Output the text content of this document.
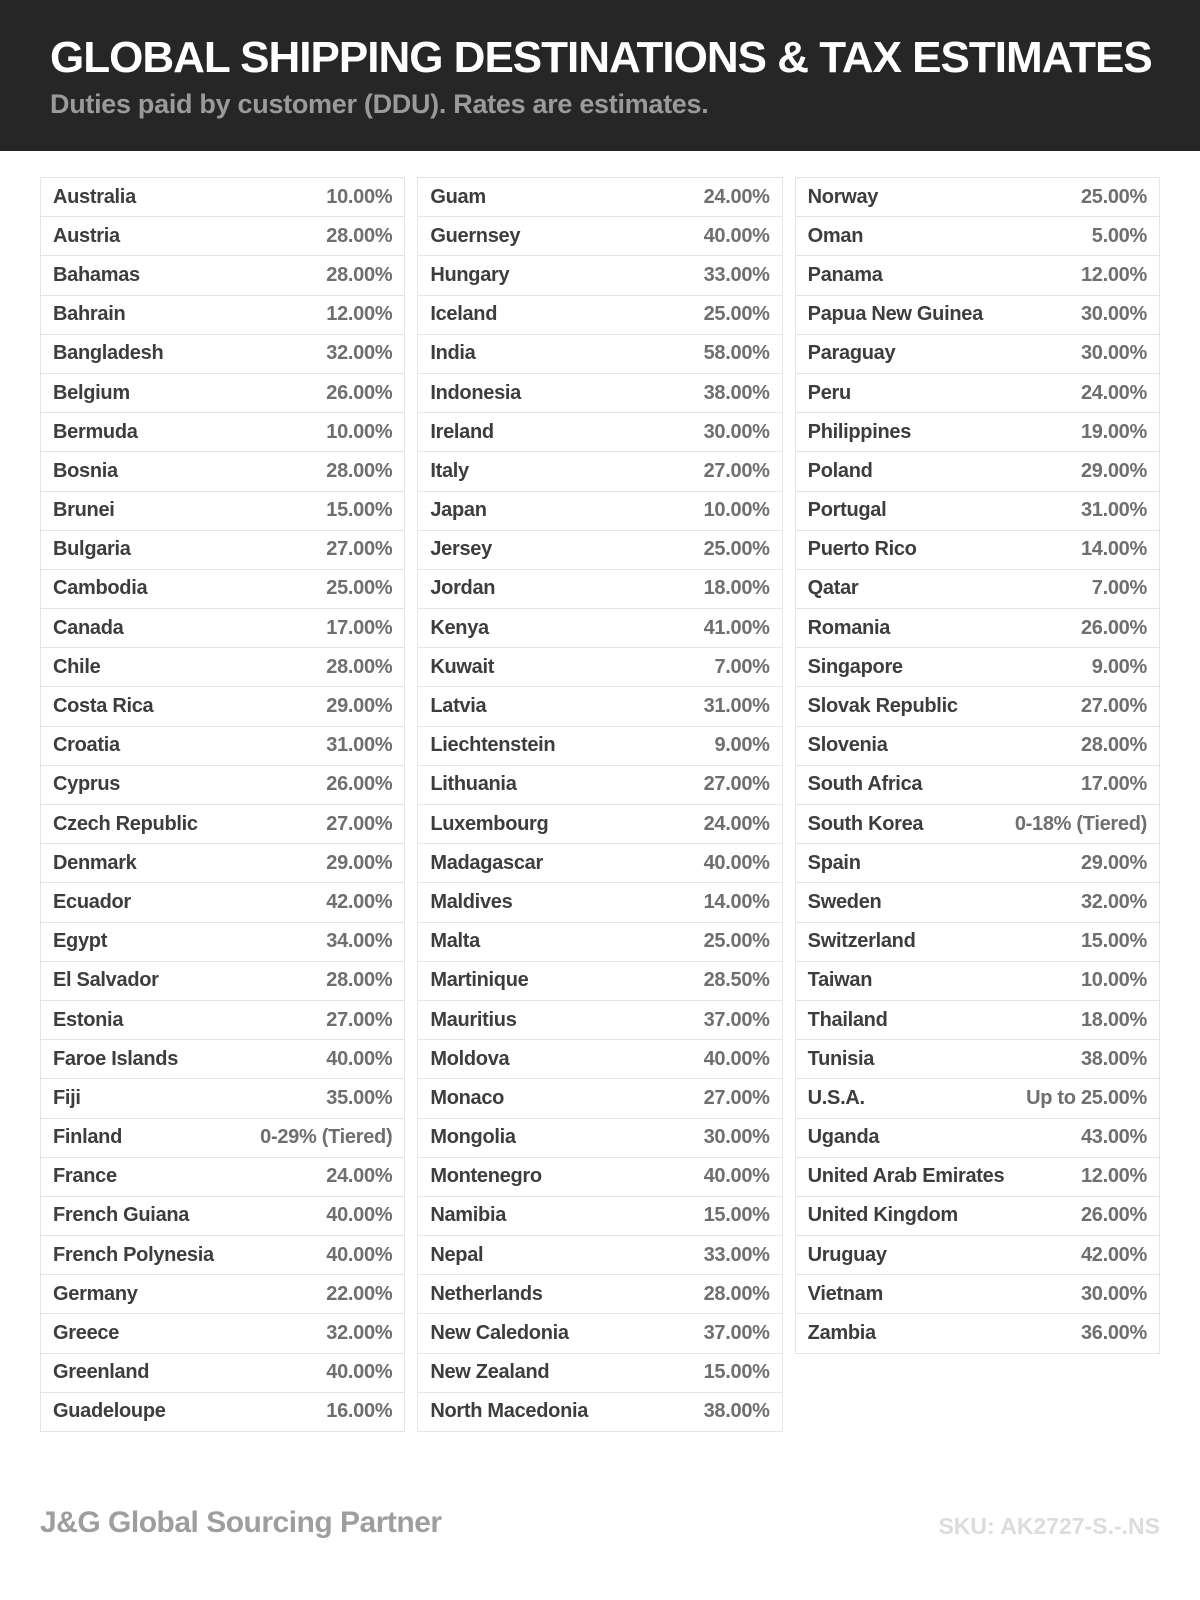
GLOBAL SHIPPING DESTINATIONS & TAX ESTIMATES
Duties paid by customer (DDU). Rates are estimates.
Australia	10.00%
Austria	28.00%
Bahamas	28.00%
Bahrain	12.00%
Bangladesh	32.00%
Belgium	26.00%
Bermuda	10.00%
Bosnia	28.00%
Brunei	15.00%
Bulgaria	27.00%
Cambodia	25.00%
Canada	17.00%
Chile	28.00%
Costa Rica	29.00%
Croatia	31.00%
Cyprus	26.00%
Czech Republic	27.00%
Denmark	29.00%
Ecuador	42.00%
Egypt	34.00%
El Salvador	28.00%
Estonia	27.00%
Faroe Islands	40.00%
Fiji	35.00%
Finland	0-29% (Tiered)
France	24.00%
French Guiana	40.00%
French Polynesia	40.00%
Germany	22.00%
Greece	32.00%
Greenland	40.00%
Guadeloupe	16.00%
Guam	24.00%
Guernsey	40.00%
Hungary	33.00%
Iceland	25.00%
India	58.00%
Indonesia	38.00%
Ireland	30.00%
Italy	27.00%
Japan	10.00%
Jersey	25.00%
Jordan	18.00%
Kenya	41.00%
Kuwait	7.00%
Latvia	31.00%
Liechtenstein	9.00%
Lithuania	27.00%
Luxembourg	24.00%
Madagascar	40.00%
Maldives	14.00%
Malta	25.00%
Martinique	28.50%
Mauritius	37.00%
Moldova	40.00%
Monaco	27.00%
Mongolia	30.00%
Montenegro	40.00%
Namibia	15.00%
Nepal	33.00%
Netherlands	28.00%
New Caledonia	37.00%
New Zealand	15.00%
North Macedonia	38.00%
Norway	25.00%
Oman	5.00%
Panama	12.00%
Papua New Guinea	30.00%
Paraguay	30.00%
Peru	24.00%
Philippines	19.00%
Poland	29.00%
Portugal	31.00%
Puerto Rico	14.00%
Qatar	7.00%
Romania	26.00%
Singapore	9.00%
Slovak Republic	27.00%
Slovenia	28.00%
South Africa	17.00%
South Korea	0-18% (Tiered)
Spain	29.00%
Sweden	32.00%
Switzerland	15.00%
Taiwan	10.00%
Thailand	18.00%
Tunisia	38.00%
U.S.A.	Up to 25.00%
Uganda	43.00%
United Arab Emirates	12.00%
United Kingdom	26.00%
Uruguay	42.00%
Vietnam	30.00%
Zambia	36.00%
J&G Global Sourcing Partner	SKU: AK2727-S.-.NS
